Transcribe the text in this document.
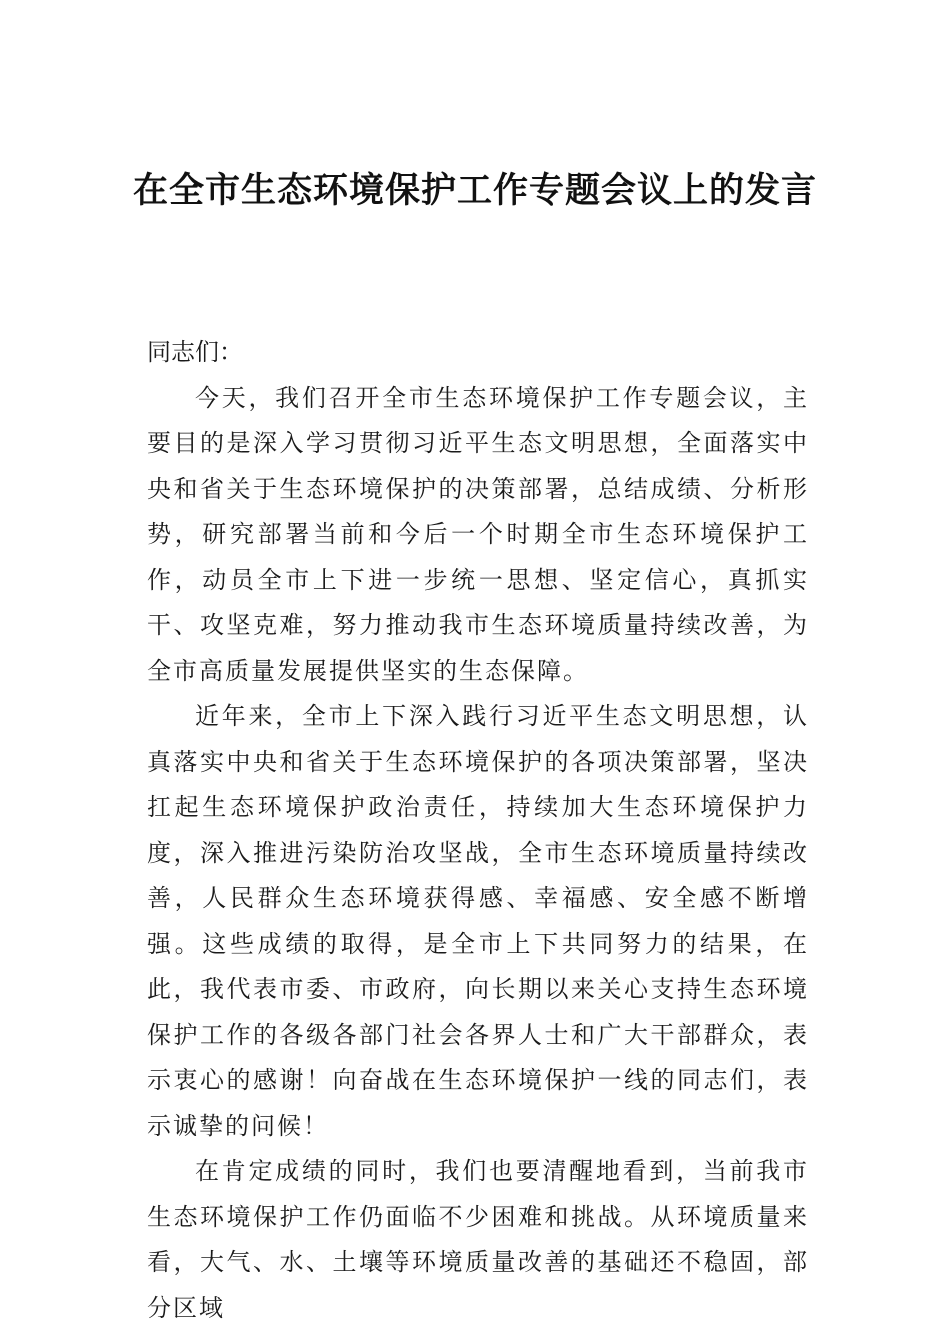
在全市生态环境保护工作专题会议上的发言

同志们：

今天，我们召开全市生态环境保护工作专题会议，主要目的是深入学习贯彻习近平生态文明思想，全面落实中央和省关于生态环境保护的决策部署，总结成绩、分析形势，研究部署当前和今后一个时期全市生态环境保护工作，动员全市上下进一步统一思想、坚定信心，真抓实干、攻坚克难，努力推动我市生态环境质量持续改善，为全市高质量发展提供坚实的生态保障。

近年来，全市上下深入践行习近平生态文明思想，认真落实中央和省关于生态环境保护的各项决策部署，坚决扛起生态环境保护政治责任，持续加大生态环境保护力度，深入推进污染防治攻坚战，全市生态环境质量持续改善，人民群众生态环境获得感、幸福感、安全感不断增强。这些成绩的取得，是全市上下共同努力的结果，在此，我代表市委、市政府，向长期以来关心支持生态环境保护工作的各级各部门社会各界人士和广大干部群众，表示衷心的感谢！向奋战在生态环境保护一线的同志们，表示诚挚的问候！

在肯定成绩的同时，我们也要清醒地看到，当前我市生态环境保护工作仍面临不少困难和挑战。从环境质量来看，大气、水、土壤等环境质量改善的基础还不稳固，部分区域
